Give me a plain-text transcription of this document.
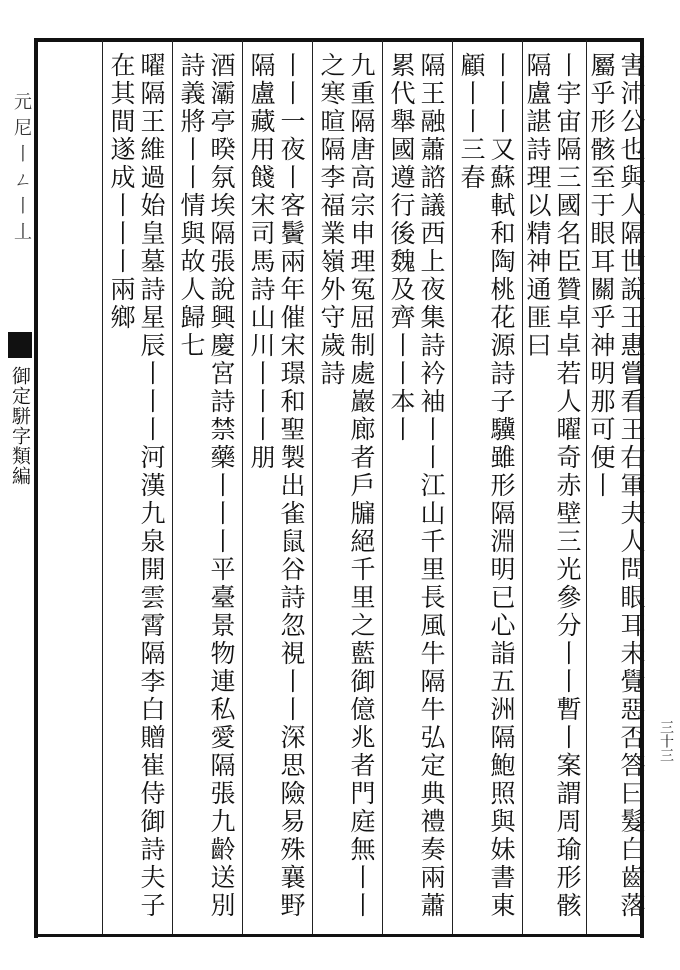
元尼丨ㄥ丨丄
御定駢字類編
三十三
害沛公也與人隔世說王惠嘗看王右軍夫人問眼耳未覺惡否答曰髮白齒落屬乎形骸至于眼耳關乎神明那可便丨
丨宇宙隔三國名臣贊卓卓若人曜奇赤壁三光參分丨丨暫丨案謂周瑜形骸隔盧諶詩理以精神通匪曰
丨丨丨又蘇軾和陶桃花源詩子驥雖形隔淵明已心詣五洲隔鮑照與妹書東顧丨丨三春
隔王融蕭諮議西上夜集詩衿袖丨丨江山千里長風牛隔牛弘定典禮奏兩蕭累代舉國遵行後魏及齊丨丨本丨
九重隔唐高宗申理冤屈制處巖廊者戶牖絕千里之藍御億兆者門庭無丨丨之寒暄隔李福業嶺外守歲詩
丨丨一夜丨客鬢兩年催宋璟和聖製出雀鼠谷詩忽視丨丨深思險易殊襄野隔盧藏用餞宋司馬詩山川丨丨丨朋
酒灞亭暌氛埃隔張說興慶宮詩禁藥丨丨丨平臺景物連私愛隔張九齡送別詩義將丨丨情與故人歸七
曜隔王維過始皇墓詩星辰丨丨丨河漢九泉開雲霄隔李白贈崔侍御詩夫子在其間遂成丨丨丨兩鄉
